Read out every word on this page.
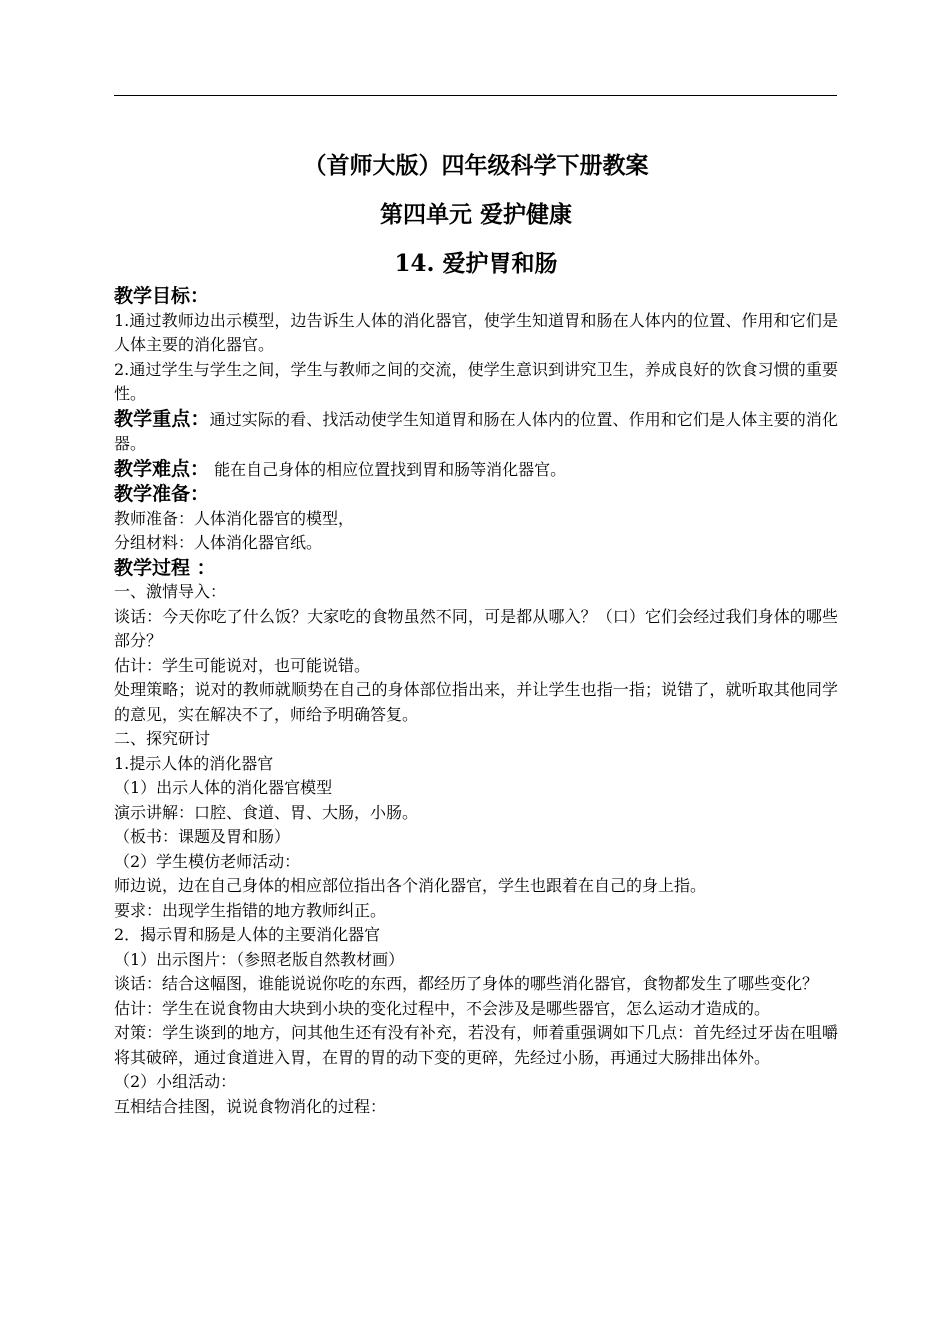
（首师大版）四年级科学下册教案

第四单元 爱护健康

14. 爱护胃和肠

教学目标：

1.通过教师边出示模型，边告诉生人体的消化器官，使学生知道胃和肠在人体内的位置、作用和它们是人体主要的消化器官。

2.通过学生与学生之间，学生与教师之间的交流，使学生意识到讲究卫生，养成良好的饮食习惯的重要性。

教学重点：通过实际的看、找活动使学生知道胃和肠在人体内的位置、作用和它们是人体主要的消化器。

教学难点： 能在自己身体的相应位置找到胃和肠等消化器官。

教学准备：

教师准备：人体消化器官的模型，

分组材料：人体消化器官纸。

教学过程 ：

一、激情导入：

谈话：今天你吃了什么饭？大家吃的食物虽然不同，可是都从哪入？（口）它们会经过我们身体的哪些部分？

估计：学生可能说对，也可能说错。

处理策略；说对的教师就顺势在自己的身体部位指出来，并让学生也指一指；说错了，就听取其他同学的意见，实在解决不了，师给予明确答复。

二、探究研讨

1.提示人体的消化器官

（1）出示人体的消化器官模型

演示讲解：口腔、食道、胃、大肠，小肠。

（板书：课题及胃和肠）

（2）学生模仿老师活动：

师边说，边在自己身体的相应部位指出各个消化器官，学生也跟着在自己的身上指。

要求：出现学生指错的地方教师纠正。

2．揭示胃和肠是人体的主要消化器官

（1）出示图片：（参照老版自然教材画）

谈话：结合这幅图，谁能说说你吃的东西，都经历了身体的哪些消化器官，食物都发生了哪些变化？

估计：学生在说食物由大块到小块的变化过程中，不会涉及是哪些器官，怎么运动才造成的。

对策：学生谈到的地方，问其他生还有没有补充，若没有，师着重强调如下几点：首先经过牙齿在咀嚼将其破碎，通过食道进入胃，在胃的胃的动下变的更碎，先经过小肠，再通过大肠排出体外。

（2）小组活动：

互相结合挂图，说说食物消化的过程：
